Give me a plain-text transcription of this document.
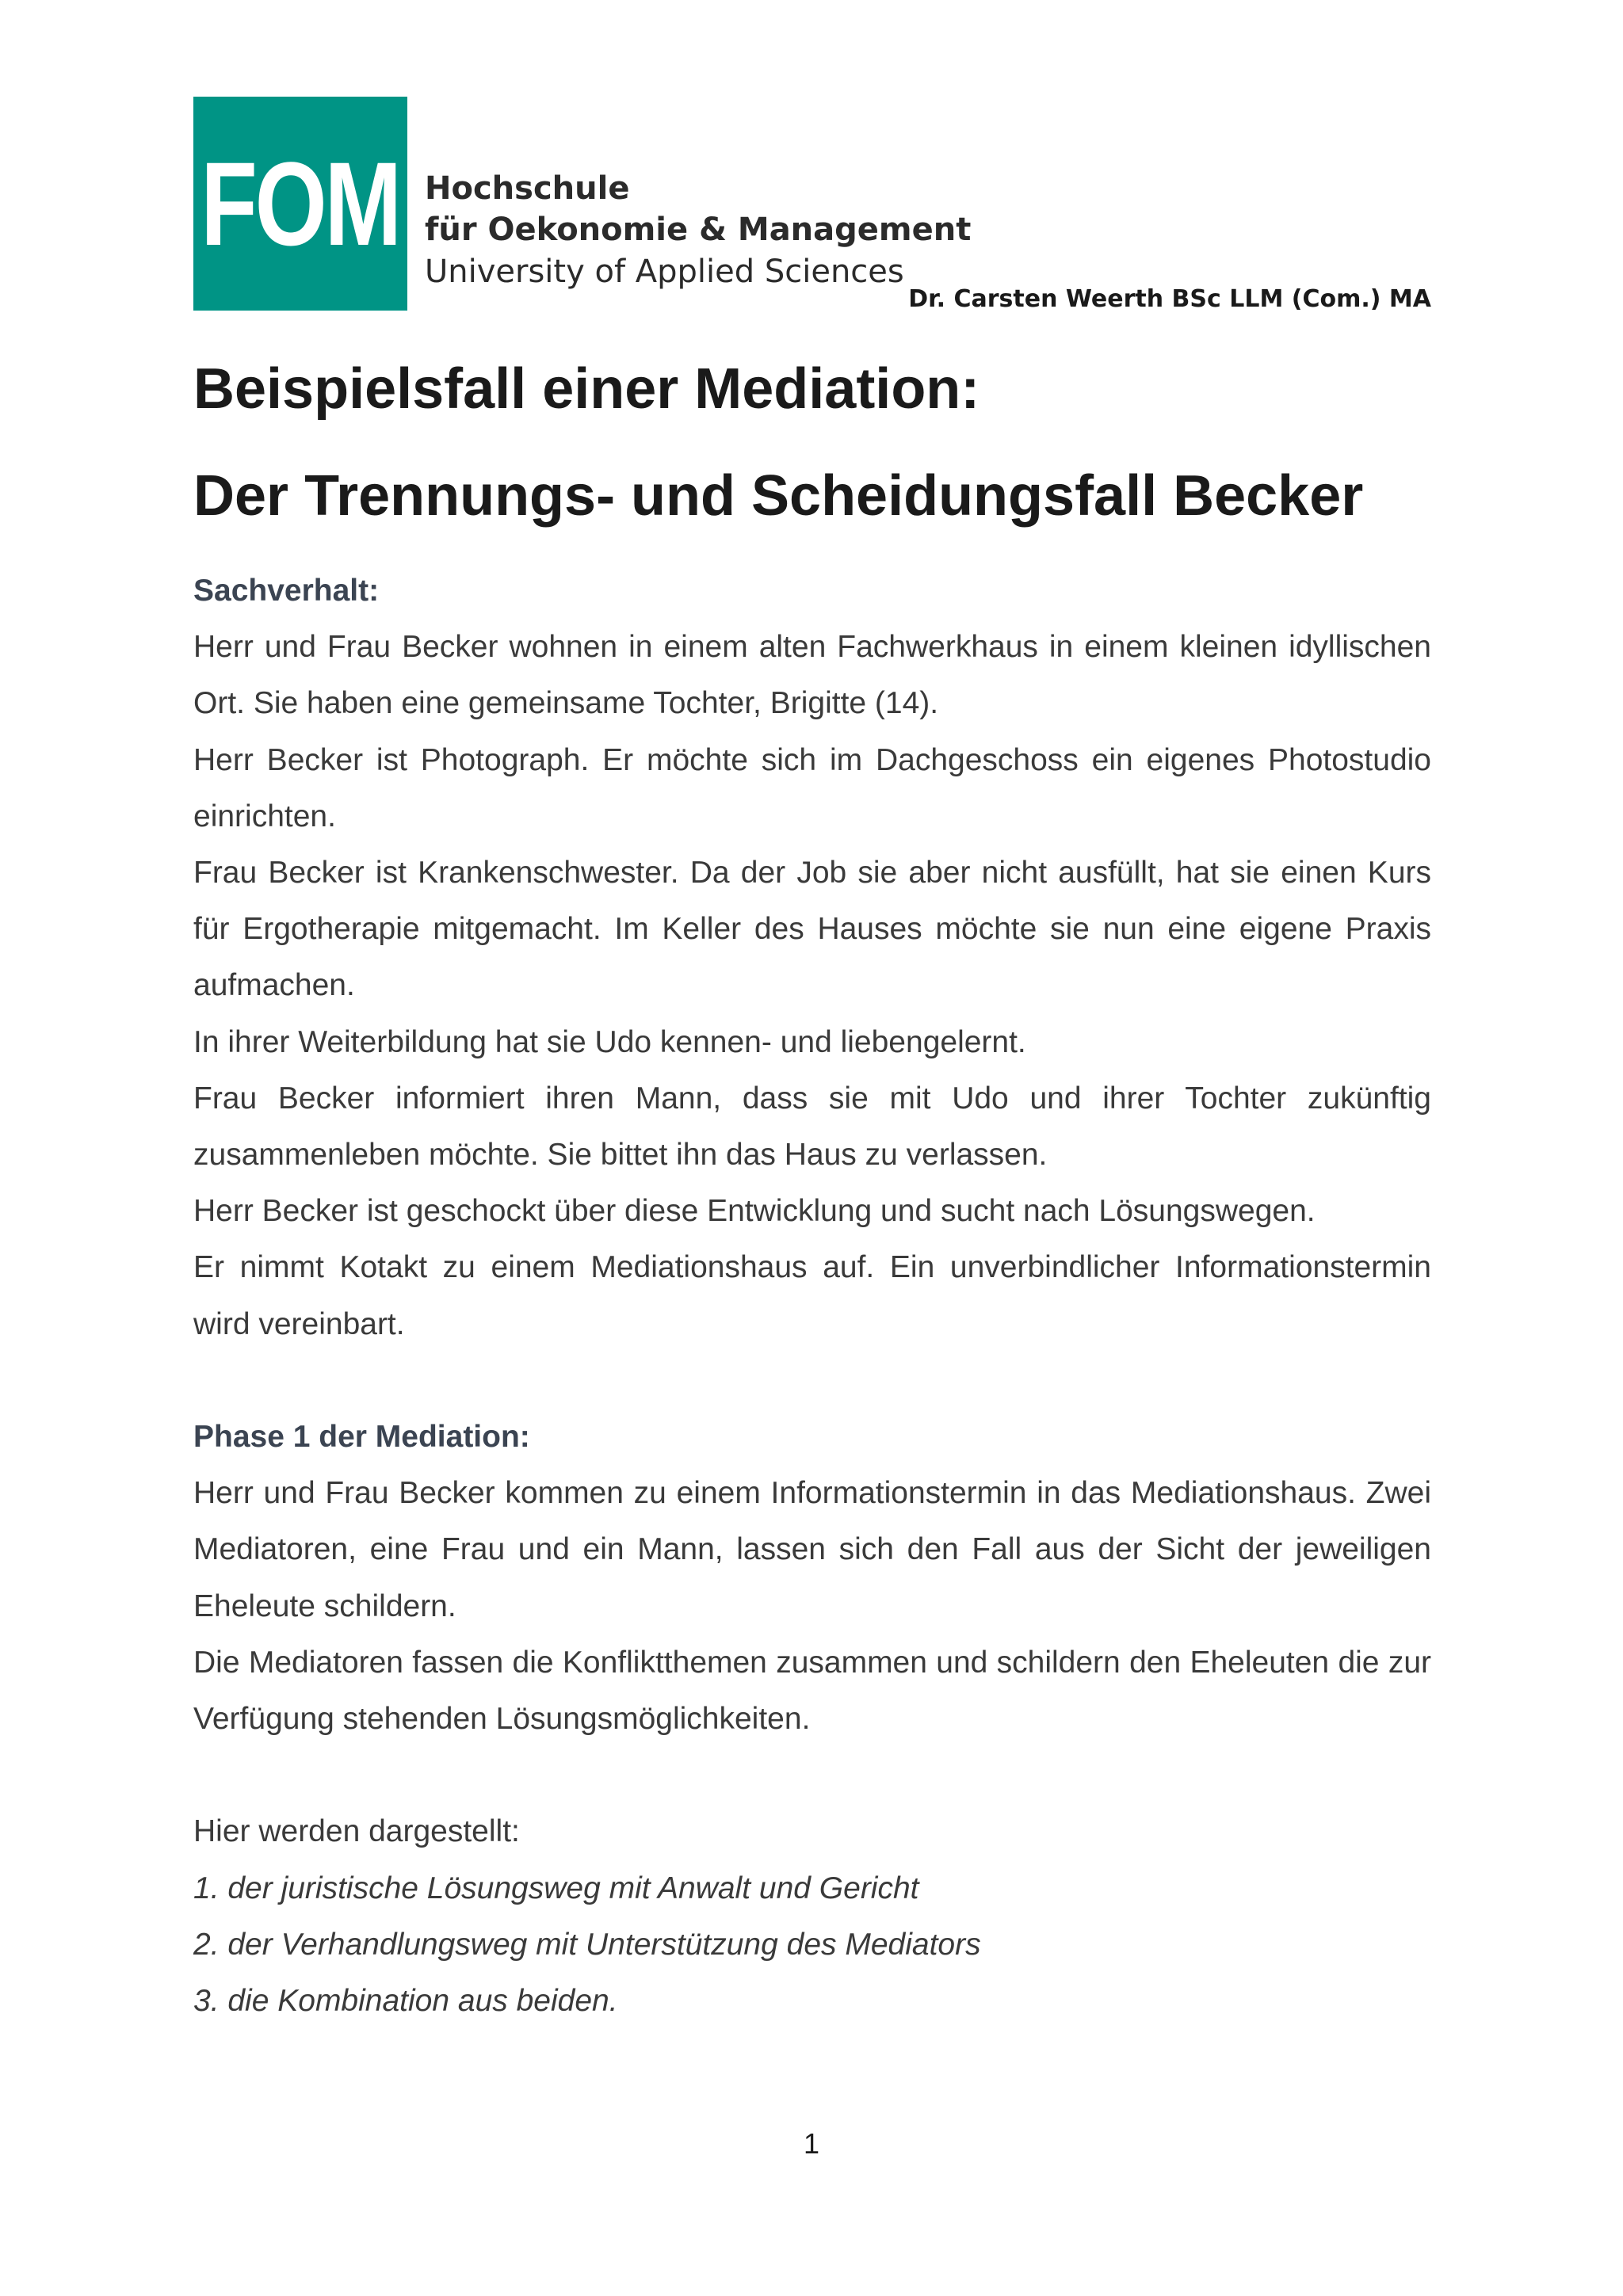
FOM Hochschule
für Oekonomie & Management
University of Applied Sciences
Dr. Carsten Weerth BSc LLM (Com.) MA
Beispielsfall einer Mediation:
Der Trennungs- und Scheidungsfall Becker

Sachverhalt:

Herr und Frau Becker wohnen in einem alten Fachwerkhaus in einem kleinen idyllischen Ort. Sie haben eine gemeinsame Tochter, Brigitte (14).

Herr Becker ist Photograph. Er möchte sich im Dachgeschoss ein eigenes Photostudio einrichten.

Frau Becker ist Krankenschwester. Da der Job sie aber nicht ausfüllt, hat sie einen Kurs für Ergotherapie mitgemacht. Im Keller des Hauses möchte sie nun eine eigene Praxis aufmachen.

In ihrer Weiterbildung hat sie Udo kennen- und liebengelernt.

Frau Becker informiert ihren Mann, dass sie mit Udo und ihrer Tochter zukünftig zusammenleben möchte. Sie bittet ihn das Haus zu verlassen.

Herr Becker ist geschockt über diese Entwicklung und sucht nach Lösungswegen.

Er nimmt Kotakt zu einem Mediationshaus auf. Ein unverbindlicher Informationstermin wird vereinbart.

Phase 1 der Mediation:

Herr und Frau Becker kommen zu einem Informationstermin in das Mediationshaus. Zwei Mediatoren, eine Frau und ein Mann, lassen sich den Fall aus der Sicht der jeweiligen Eheleute schildern.

Die Mediatoren fassen die Konfliktthemen zusammen und schildern den Eheleuten die zur Verfügung stehenden Lösungsmöglichkeiten.

Hier werden dargestellt:

1. der juristische Lösungsweg mit Anwalt und Gericht

2. der Verhandlungsweg mit Unterstützung des Mediators

3. die Kombination aus beiden.

1
